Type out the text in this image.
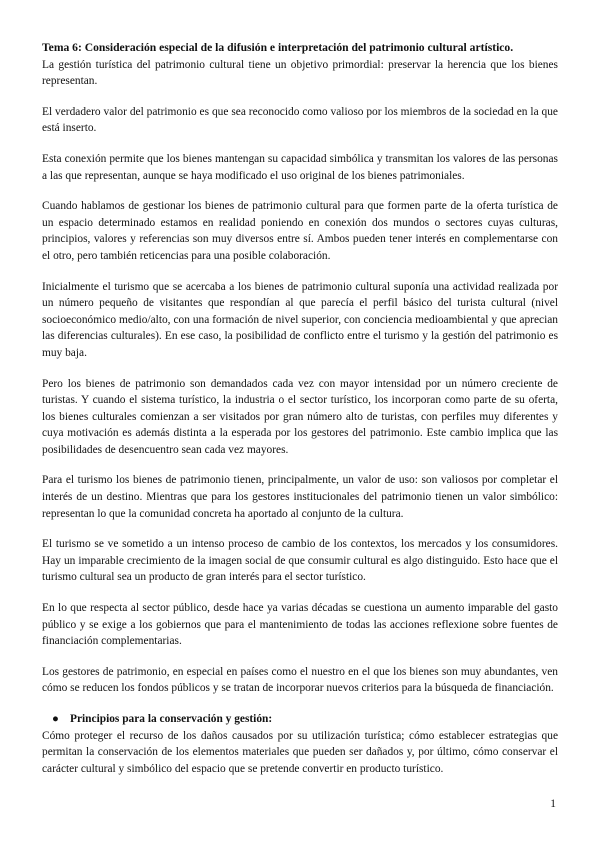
Tema 6: Consideración especial de la difusión e interpretación del patrimonio cultural artístico.

La gestión turística del patrimonio cultural tiene un objetivo primordial: preservar la herencia que los bienes representan.

El verdadero valor del patrimonio es que sea reconocido como valioso por los miembros de la sociedad en la que está inserto.

Esta conexión permite que los bienes mantengan su capacidad simbólica y transmitan los valores de las personas a las que representan, aunque se haya modificado el uso original de los bienes patrimoniales.

Cuando hablamos de gestionar los bienes de patrimonio cultural para que formen parte de la oferta turística de un espacio determinado estamos en realidad poniendo en conexión dos mundos o sectores cuyas culturas, principios, valores y referencias son muy diversos entre sí. Ambos pueden tener interés en complementarse con el otro, pero también reticencias para una posible colaboración.

Inicialmente el turismo que se acercaba a los bienes de patrimonio cultural suponía una actividad realizada por un número pequeño de visitantes que respondían al que parecía el perfil básico del turista cultural (nivel socioeconómico medio/alto, con una formación de nivel superior, con conciencia medioambiental y que aprecian las diferencias culturales). En ese caso, la posibilidad de conflicto entre el turismo y la gestión del patrimonio es muy baja.

Pero los bienes de patrimonio son demandados cada vez con mayor intensidad por un número creciente de turistas. Y cuando el sistema turístico, la industria o el sector turístico, los incorporan como parte de su oferta, los bienes culturales comienzan a ser visitados por gran número alto de turistas, con perfiles muy diferentes y cuya motivación es además distinta a la esperada por los gestores del patrimonio. Este cambio implica que las posibilidades de desencuentro sean cada vez mayores.

Para el turismo los bienes de patrimonio tienen, principalmente, un valor de uso: son valiosos por completar el interés de un destino. Mientras que para los gestores institucionales del patrimonio tienen un valor simbólico: representan lo que la comunidad concreta ha aportado al conjunto de la cultura.

El turismo se ve sometido a un intenso proceso de cambio de los contextos, los mercados y los consumidores. Hay un imparable crecimiento de la imagen social de que consumir cultural es algo distinguido. Esto hace que el turismo cultural sea un producto de gran interés para el sector turístico.

En lo que respecta al sector público, desde hace ya varias décadas se cuestiona un aumento imparable del gasto público y se exige a los gobiernos que para el mantenimiento de todas las acciones reflexione sobre fuentes de financiación complementarias.

Los gestores de patrimonio, en especial en países como el nuestro en el que los bienes son muy abundantes, ven cómo se reducen los fondos públicos y se tratan de incorporar nuevos criterios para la búsqueda de financiación.

● Principios para la conservación y gestión:

Cómo proteger el recurso de los daños causados por su utilización turística; cómo establecer estrategias que permitan la conservación de los elementos materiales que pueden ser dañados y, por último, cómo conservar el carácter cultural y simbólico del espacio que se pretende convertir en producto turístico.

1
